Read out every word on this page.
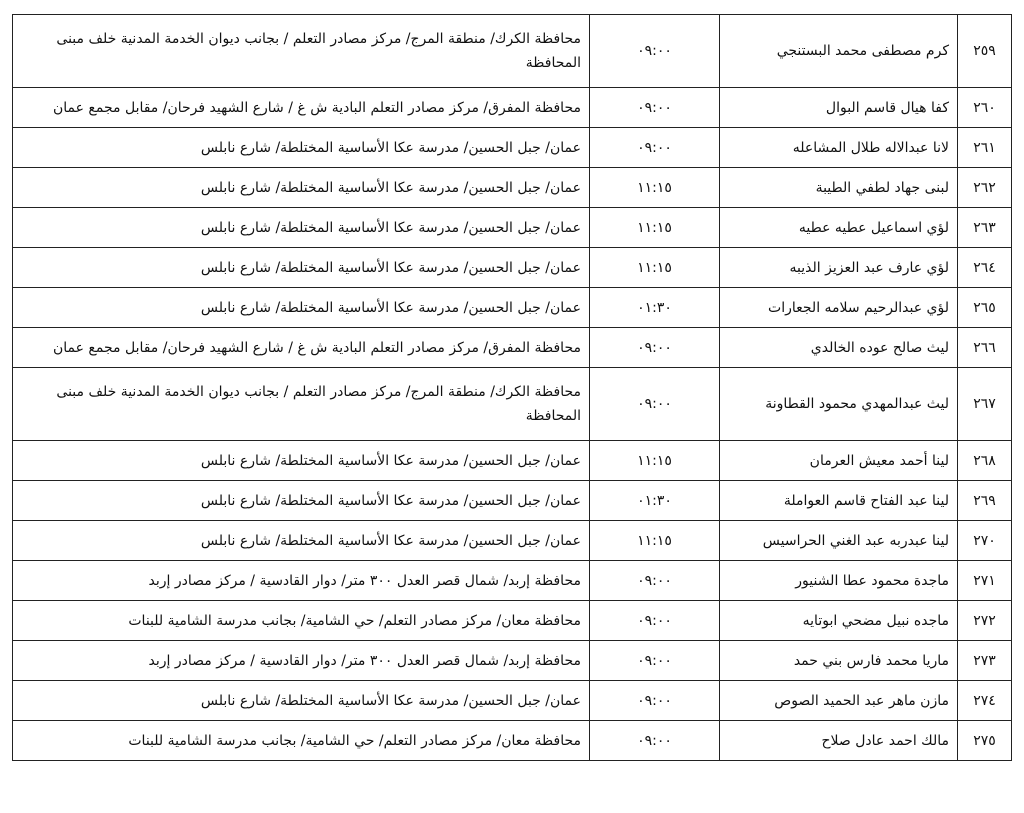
٢٥٩	كرم مصطفى محمد البستنجي	٠٩:٠٠	محافظة الكرك/ منطقة المرج/ مركز مصادر التعلم / بجانب ديوان الخدمة المدنية خلف مبنى المحافظة
٢٦٠	كفا هيال قاسم البوال	٠٩:٠٠	محافظة المفرق/ مركز مصادر التعلم البادية ش غ / شارع الشهيد فرحان/ مقابل مجمع عمان
٢٦١	لانا عبدالاله طلال المشاعله	٠٩:٠٠	عمان/ جبل الحسين/ مدرسة عكا الأساسية المختلطة/ شارع نابلس
٢٦٢	لبنى جهاد لطفي الطيبة	١١:١٥	عمان/ جبل الحسين/ مدرسة عكا الأساسية المختلطة/ شارع نابلس
٢٦٣	لؤي اسماعيل عطيه عطيه	١١:١٥	عمان/ جبل الحسين/ مدرسة عكا الأساسية المختلطة/ شارع نابلس
٢٦٤	لؤي عارف عبد العزيز الذيبه	١١:١٥	عمان/ جبل الحسين/ مدرسة عكا الأساسية المختلطة/ شارع نابلس
٢٦٥	لؤي عبدالرحيم سلامه الجعارات	٠١:٣٠	عمان/ جبل الحسين/ مدرسة عكا الأساسية المختلطة/ شارع نابلس
٢٦٦	ليث صالح عوده الخالدي	٠٩:٠٠	محافظة المفرق/ مركز مصادر التعلم البادية ش غ / شارع الشهيد فرحان/ مقابل مجمع عمان
٢٦٧	ليث عبدالمهدي محمود القطاونة	٠٩:٠٠	محافظة الكرك/ منطقة المرج/ مركز مصادر التعلم / بجانب ديوان الخدمة المدنية خلف مبنى المحافظة
٢٦٨	لينا أحمد معيش العرمان	١١:١٥	عمان/ جبل الحسين/ مدرسة عكا الأساسية المختلطة/ شارع نابلس
٢٦٩	لينا عبد الفتاح قاسم العواملة	٠١:٣٠	عمان/ جبل الحسين/ مدرسة عكا الأساسية المختلطة/ شارع نابلس
٢٧٠	لينا عبدربه عبد الغني الحراسيس	١١:١٥	عمان/ جبل الحسين/ مدرسة عكا الأساسية المختلطة/ شارع نابلس
٢٧١	ماجدة محمود عطا الشنيور	٠٩:٠٠	محافظة إربد/ شمال قصر العدل ٣٠٠ متر/ دوار القادسية / مركز مصادر إربد
٢٧٢	ماجده نبيل مضحي ابوتايه	٠٩:٠٠	محافظة معان/ مركز مصادر التعلم/ حي الشامية/ بجانب مدرسة الشامية للبنات
٢٧٣	ماريا محمد فارس بني حمد	٠٩:٠٠	محافظة إربد/ شمال قصر العدل ٣٠٠ متر/ دوار القادسية / مركز مصادر إربد
٢٧٤	مازن ماهر عبد الحميد الصوص	٠٩:٠٠	عمان/ جبل الحسين/ مدرسة عكا الأساسية المختلطة/ شارع نابلس
٢٧٥	مالك احمد عادل صلاح	٠٩:٠٠	محافظة معان/ مركز مصادر التعلم/ حي الشامية/ بجانب مدرسة الشامية للبنات
